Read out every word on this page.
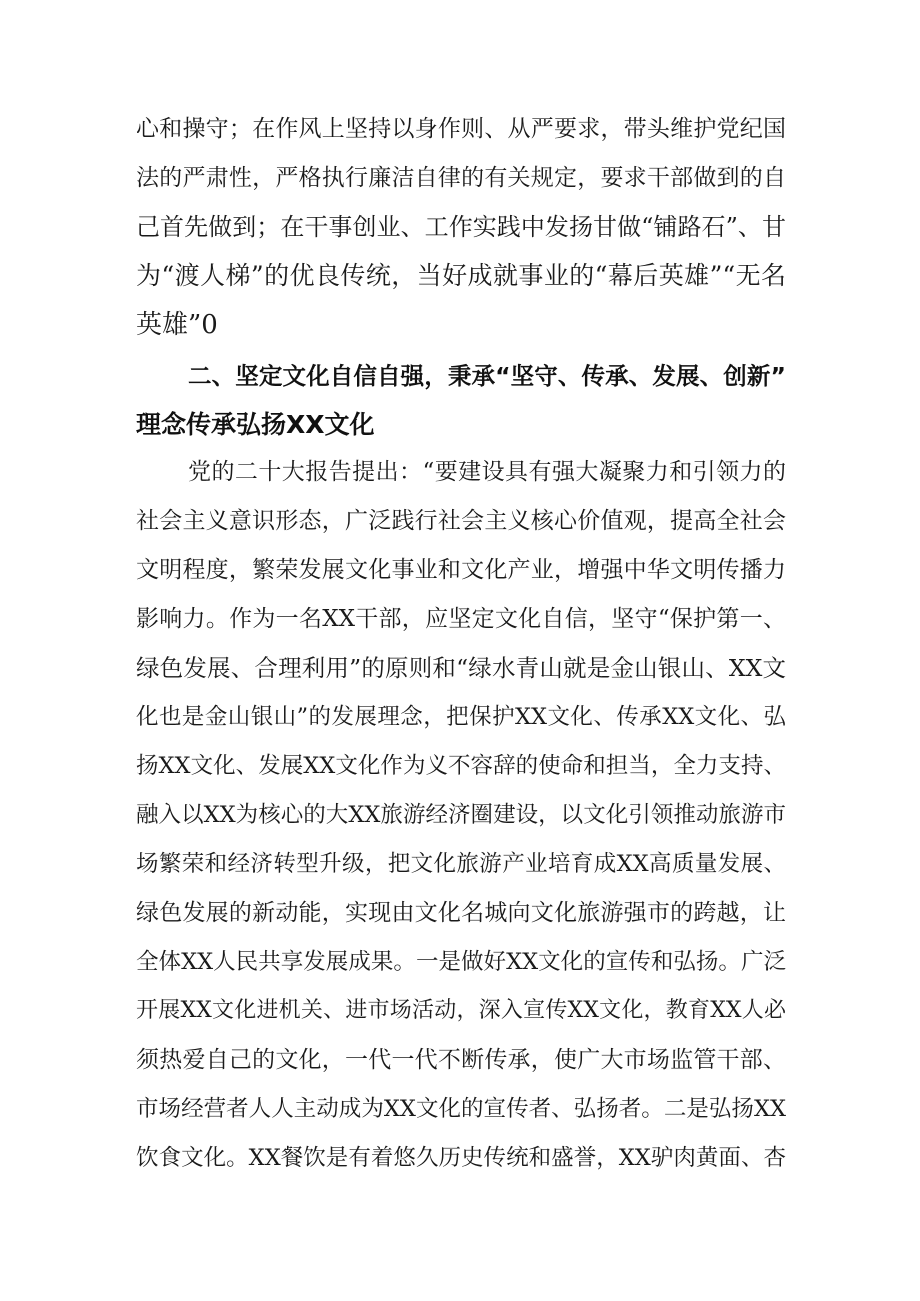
心和操守；在作风上坚持以身作则、从严要求，带头维护党纪国
法的严肃性，严格执行廉洁自律的有关规定，要求干部做到的自
己首先做到；在干事创业、工作实践中发扬甘做“铺路石”、甘
为“渡人梯”的优良传统，当好成就事业的“幕后英雄”“无名
英雄”0
二、坚定文化自信自强，秉承“坚守、传承、发展、创新”
理念传承弘扬XX文化
党的二十大报告提出：“要建设具有强大凝聚力和引领力的
社会主义意识形态，广泛践行社会主义核心价值观，提高全社会
文明程度，繁荣发展文化事业和文化产业，增强中华文明传播力
影响力。作为一名XX干部，应坚定文化自信，坚守“保护第一、
绿色发展、合理利用”的原则和“绿水青山就是金山银山、XX文
化也是金山银山”的发展理念，把保护XX文化、传承XX文化、弘
扬XX文化、发展XX文化作为义不容辞的使命和担当，全力支持、
融入以XX为核心的大XX旅游经济圈建设，以文化引领推动旅游市
场繁荣和经济转型升级，把文化旅游产业培育成XX高质量发展、
绿色发展的新动能，实现由文化名城向文化旅游强市的跨越，让
全体XX人民共享发展成果。一是做好XX文化的宣传和弘扬。广泛
开展XX文化进机关、进市场活动，深入宣传XX文化，教育XX人必
须热爱自己的文化，一代一代不断传承，使广大市场监管干部、
市场经营者人人主动成为XX文化的宣传者、弘扬者。二是弘扬XX
饮食文化。XX餐饮是有着悠久历史传统和盛誉，XX驴肉黄面、杏
